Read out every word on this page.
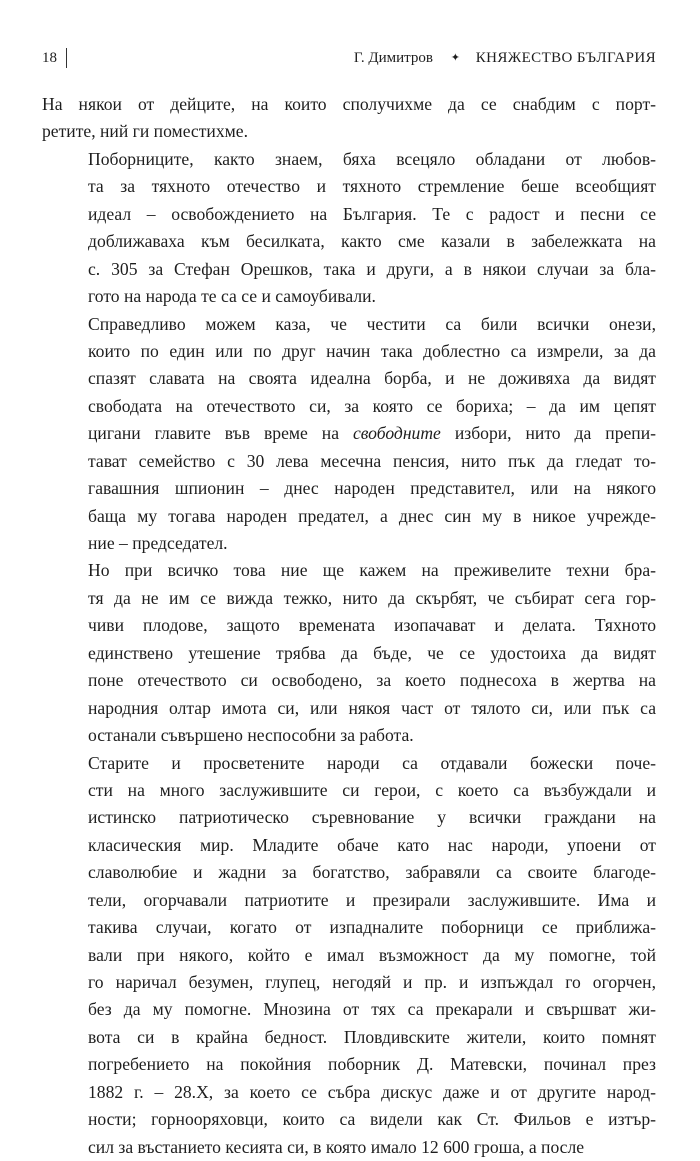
18	Г. Димитров ✦ КНЯЖЕСТВО БЪЛГАРИЯ
На някои от дейците, на които сполучихме да се снабдим с порт-
ретите, ний ги поместихме.
Поборниците, както знаем, бяха всецяло обладани от любов-
та за тяхното отечество и тяхното стремление беше всеобщият
идеал – освобождението на България. Те с радост и песни се
доближаваха към бесилката, както сме казали в забележката на
с. 305 за Стефан Орешков, така и други, а в някои случаи за бла-
гото на народа те са се и самоубивали.
Справедливо можем каза, че честити са били всички онези,
които по един или по друг начин така доблестно са измрели, за да
спазят славата на своята идеална борба, и не доживяха да видят
свободата на отечеството си, за която се бориха; – да им цепят
цигани главите във време на свободните избори, нито да препи-
тават семейство с 30 лева месечна пенсия, нито пък да гледат то-
гавашния шпионин – днес народен представител, или на някого
баща му тогава народен предател, а днес син му в никое учрежде-
ние – председател.
Но при всичко това ние ще кажем на преживелите техни бра-
тя да не им се вижда тежко, нито да скърбят, че събират сега гор-
чиви плодове, защото времената изопачават и делата. Тяхното
единствено утешение трябва да бъде, че се удостоиха да видят
поне отечеството си освободено, за което поднесоха в жертва на
народния олтар имота си, или някоя част от тялото си, или пък са
останали съвършено неспособни за работа.
Старите и просветените народи са отдавали божески поче-
сти на много заслужившите си герои, с което са възбуждали и
истинско патриотическо съревнование у всички граждани на
класическия мир. Младите обаче като нас народи, упоени от
славолюбие и жадни за богатство, забравяли са своите благоде-
тели, огорчавали патриотите и презирали заслужившите. Има и
такива случаи, когато от изпадналите поборници се приближа-
вали при някого, който е имал възможност да му помогне, той
го наричал безумен, глупец, негодяй и пр. и изпъждал го огорчен,
без да му помогне. Мнозина от тях са прекарали и свършват жи-
вота си в крайна бедност. Пловдивските жители, които помнят
погребението на покойния поборник Д. Матевски, починал през
1882 г. – 28.Х, за което се събра дискус даже и от другите народ-
ности; горнооряховци, които са видели как Ст. Фильов е изтър-
сил за въстанието кесията си, в която имало 12 600 гроша, а после
